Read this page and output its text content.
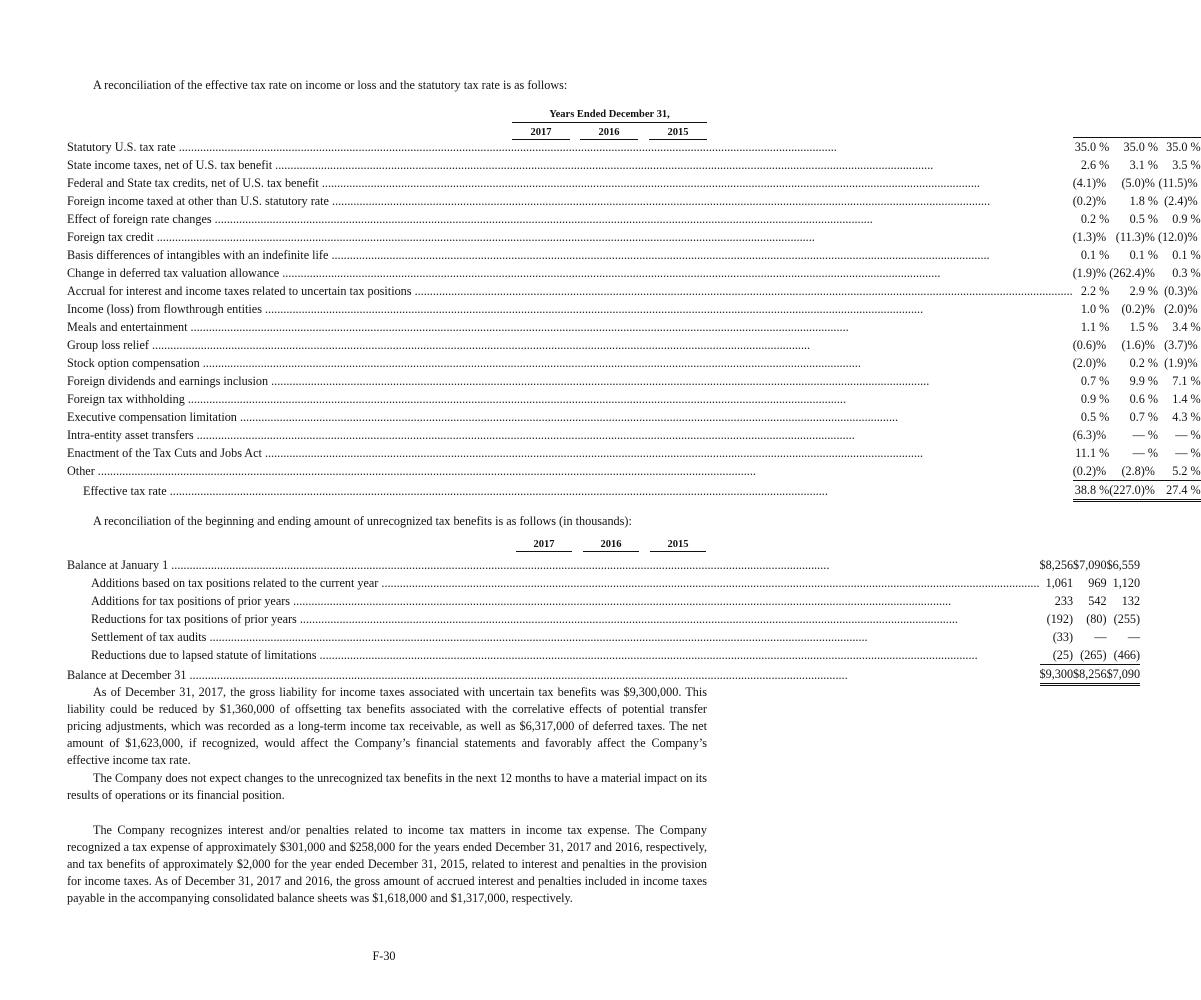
A reconciliation of the effective tax rate on income or loss and the statutory tax rate is as follows:
Years Ended December 31,
2017	2016	2015
Statutory U.S. tax rate .....		35.0	%		35.0	%		35.0	%
State income taxes, net of U.S. tax benefit .....		2.6	%		3.1	%		3.5	%
Federal and State tax credits, net of U.S. tax benefit .....		(4.1)	%		(5.0)	%		(11.5)	%
Foreign income taxed at other than U.S. statutory rate .....		(0.2)	%		1.8	%		(2.4)	%
Effect of foreign rate changes .....		0.2	%		0.5	%		0.9	%
Foreign tax credit .....		(1.3)	%		(11.3)	%		(12.0)	%
Basis differences of intangibles with an indefinite life .....		0.1	%		0.1	%		0.1	%
Change in deferred tax valuation allowance .....		(1.9)	%		(262.4)	%		0.3	%
Accrual for interest and income taxes related to uncertain tax positions .....		2.2	%		2.9	%		(0.3)	%
Income (loss) from flowthrough entities .....		1.0	%		(0.2)	%		(2.0)	%
Meals and entertainment .....		1.1	%		1.5	%		3.4	%
Group loss relief .....		(0.6)	%		(1.6)	%		(3.7)	%
Stock option compensation .....		(2.0)	%		0.2	%		(1.9)	%
Foreign dividends and earnings inclusion .....		0.7	%		9.9	%		7.1	%
Foreign tax withholding .....		0.9	%		0.6	%		1.4	%
Executive compensation limitation .....		0.5	%		0.7	%		4.3	%
Intra-entity asset transfers .....		(6.3)	%		—	%		—	%
Enactment of the Tax Cuts and Jobs Act .....		11.1	%		—	%		—	%
Other .....		(0.2)	%		(2.8)	%		5.2	%
Effective tax rate .....		38.8	%		(227.0)	%		27.4	%
A reconciliation of the beginning and ending amount of unrecognized tax benefits is as follows (in thousands):
2017	2016	2015
Balance at January 1 .....		$	8,256		$	7,090		$	6,559
Additions based on tax positions related to the current year .....			1,061			969			1,120
Additions for tax positions of prior years .....			233			542			132
Reductions for tax positions of prior years .....			(192)			(80)			(255)
Settlement of tax audits .....			(33)			—			—
Reductions due to lapsed statute of limitations .....			(25)			(265)			(466)
Balance at December 31 .....		$	9,300		$	8,256		$	7,090
As of December 31, 2017, the gross liability for income taxes associated with uncertain tax benefits was $9,300,000. This liability could be reduced by $1,360,000 of offsetting tax benefits associated with the correlative effects of potential transfer pricing adjustments, which was recorded as a long-term income tax receivable, as well as $6,317,000 of deferred taxes. The net amount of $1,623,000, if recognized, would affect the Company’s financial statements and favorably affect the Company’s effective income tax rate.
The Company does not expect changes to the unrecognized tax benefits in the next 12 months to have a material impact on its results of operations or its financial position.
The Company recognizes interest and/or penalties related to income tax matters in income tax expense. The Company recognized a tax expense of approximately $301,000 and $258,000 for the years ended December 31, 2017 and 2016, respectively, and tax benefits of approximately $2,000 for the year ended December 31, 2015, related to interest and penalties in the provision for income taxes. As of December 31, 2017 and 2016, the gross amount of accrued interest and penalties included in income taxes payable in the accompanying consolidated balance sheets was $1,618,000 and $1,317,000, respectively.
F-30
